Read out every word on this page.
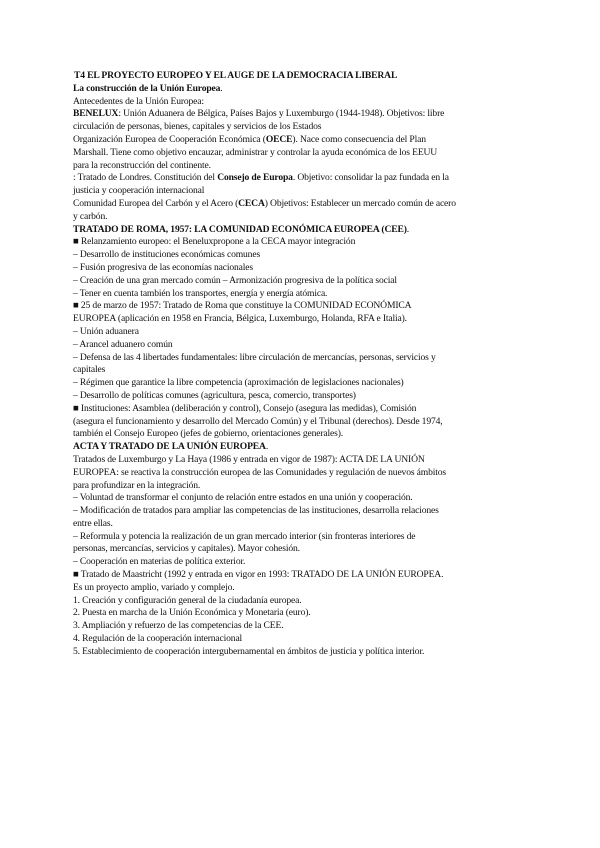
T4 EL PROYECTO EUROPEO Y EL AUGE DE LA DEMOCRACIA LIBERAL
La construcción de la Unión Europea.
Antecedentes de la Unión Europea:
BENELUX: Unión Aduanera de Bélgica, Países Bajos y Luxemburgo (1944-1948). Objetivos: libre
circulación de personas, bienes, capitales y servicios de los Estados
Organización Europea de Cooperación Económica (OECE). Nace como consecuencia del Plan
Marshall. Tiene como objetivo encauzar, administrar y controlar la ayuda económica de los EEUU
para la reconstrucción del continente.
: Tratado de Londres. Constitución del Consejo de Europa. Objetivo: consolidar la paz fundada en la
justicia y cooperación internacional
Comunidad Europea del Carbón y el Acero (CECA) Objetivos: Establecer un mercado común de acero
y carbón.
TRATADO DE ROMA, 1957: LA COMUNIDAD ECONÓMICA EUROPEA (CEE).
■ Relanzamiento europeo: el Beneluxpropone a la CECA mayor integración
– Desarrollo de instituciones económicas comunes
– Fusión progresiva de las economías nacionales
– Creación de una gran mercado común – Armonización progresiva de la política social
– Tener en cuenta también los transportes, energía y energía atómica.
■ 25 de marzo de 1957: Tratado de Roma que constituye la COMUNIDAD ECONÓMICA
EUROPEA (aplicación en 1958 en Francia, Bélgica, Luxemburgo, Holanda, RFA e Italia).
– Unión aduanera
– Arancel aduanero común
– Defensa de las 4 libertades fundamentales: libre circulación de mercancías, personas, servicios y
capitales
– Régimen que garantice la libre competencia (aproximación de legislaciones nacionales)
– Desarrollo de políticas comunes (agricultura, pesca, comercio, transportes)
■ Instituciones: Asamblea (deliberación y control), Consejo (asegura las medidas), Comisión
(asegura el funcionamiento y desarrollo del Mercado Común) y el Tribunal (derechos). Desde 1974,
también el Consejo Europeo (jefes de gobierno, orientaciones generales).
ACTA Y TRATADO DE LA UNIÓN EUROPEA.
Tratados de Luxemburgo y La Haya (1986 y entrada en vigor de 1987): ACTA DE LA UNIÓN
EUROPEA: se reactiva la construcción europea de las Comunidades y regulación de nuevos ámbitos
para profundizar en la integración.
– Voluntad de transformar el conjunto de relación entre estados en una unión y cooperación.
– Modificación de tratados para ampliar las competencias de las instituciones, desarrolla relaciones
entre ellas.
– Reformula y potencia la realización de un gran mercado interior (sin fronteras interiores de
personas, mercancías, servicios y capitales). Mayor cohesión.
– Cooperación en materias de política exterior.
■ Tratado de Maastricht (1992 y entrada en vigor en 1993: TRATADO DE LA UNIÓN EUROPEA.
Es un proyecto amplio, variado y complejo.
1. Creación y configuración general de la ciudadanía europea.
2. Puesta en marcha de la Unión Económica y Monetaria (euro).
3. Ampliación y refuerzo de las competencias de la CEE.
4. Regulación de la cooperación internacional
5. Establecimiento de cooperación intergubernamental en ámbitos de justicia y política interior.
